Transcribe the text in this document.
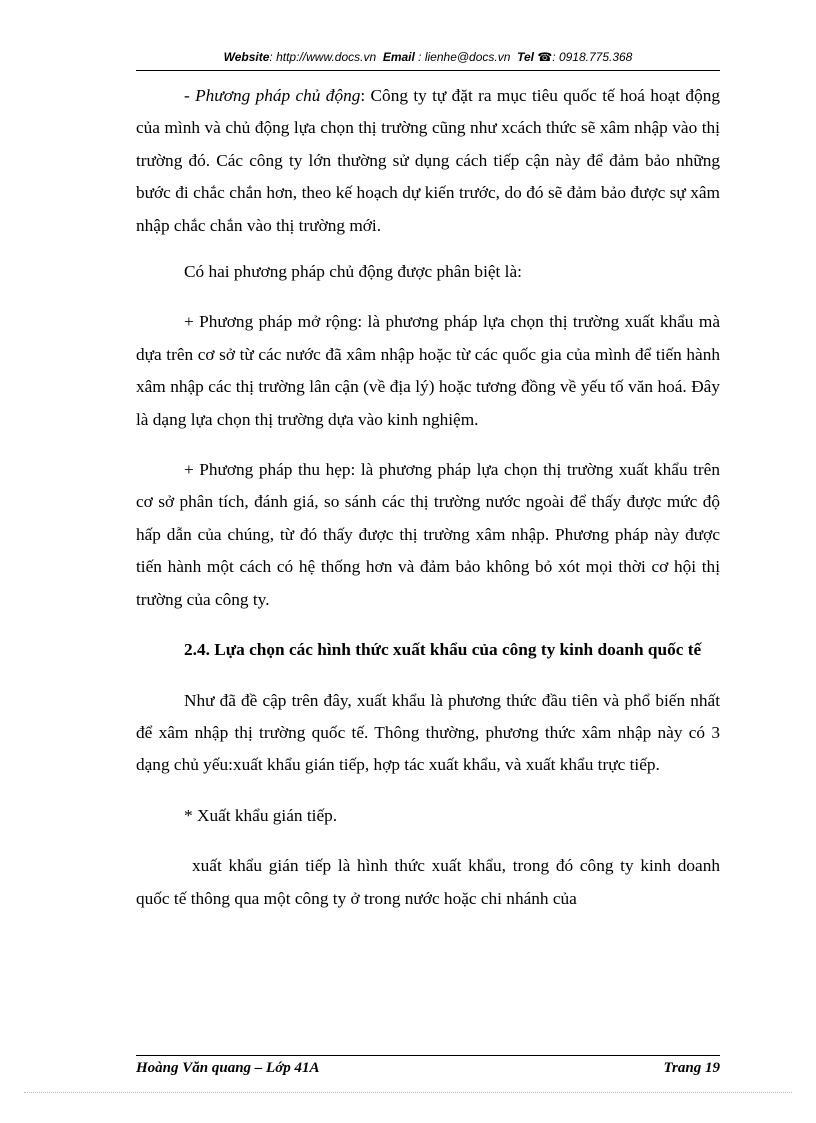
Website: http://www.docs.vn Email : lienhe@docs.vn Tel ☎: 0918.775.368

- Phương pháp chủ động: Công ty tự đặt ra mục tiêu quốc tế hoá hoạt động của mình và chủ động lựa chọn thị trường cũng như xcách thức sẽ xâm nhập vào thị trường đó. Các công ty lớn thường sử dụng cách tiếp cận này để đảm bảo những bước đi chắc chắn hơn, theo kế hoạch dự kiến trước, do đó sẽ đảm bảo được sự xâm nhập chắc chắn vào thị trường mới.

Có hai phương pháp chủ động được phân biệt là:

+ Phương pháp mở rộng: là phương pháp lựa chọn thị trường xuất khẩu mà dựa trên cơ sở từ các nước đã xâm nhập hoặc từ các quốc gia của mình để tiến hành xâm nhập các thị trường lân cận (về địa lý) hoặc tương đồng về yếu tố văn hoá. Đây là dạng lựa chọn thị trường dựa vào kinh nghiệm.

+ Phương pháp thu hẹp: là phương pháp lựa chọn thị trường xuất khẩu trên cơ sở phân tích, đánh giá, so sánh các thị trường nước ngoài để thấy được mức độ hấp dẫn của chúng, từ đó thấy được thị trường xâm nhập. Phương pháp này được tiến hành một cách có hệ thống hơn và đảm bảo không bỏ xót mọi thời cơ hội thị trường của công ty.

2.4. Lựa chọn các hình thức xuất khẩu của công ty kinh doanh quốc tế

Như đã đề cập trên đây, xuất khẩu là phương thức đầu tiên và phổ biến nhất để xâm nhập thị trường quốc tế. Thông thường, phương thức xâm nhập này có 3 dạng chủ yếu:xuất khẩu gián tiếp, hợp tác xuất khẩu, và xuất khẩu trực tiếp.

* Xuất khẩu gián tiếp.

xuất khẩu gián tiếp là hình thức xuất khẩu, trong đó công ty kinh doanh quốc tế thông qua một công ty ở trong nước hoặc chi nhánh của

Hoàng Văn quang – Lớp 41A	Trang 19
